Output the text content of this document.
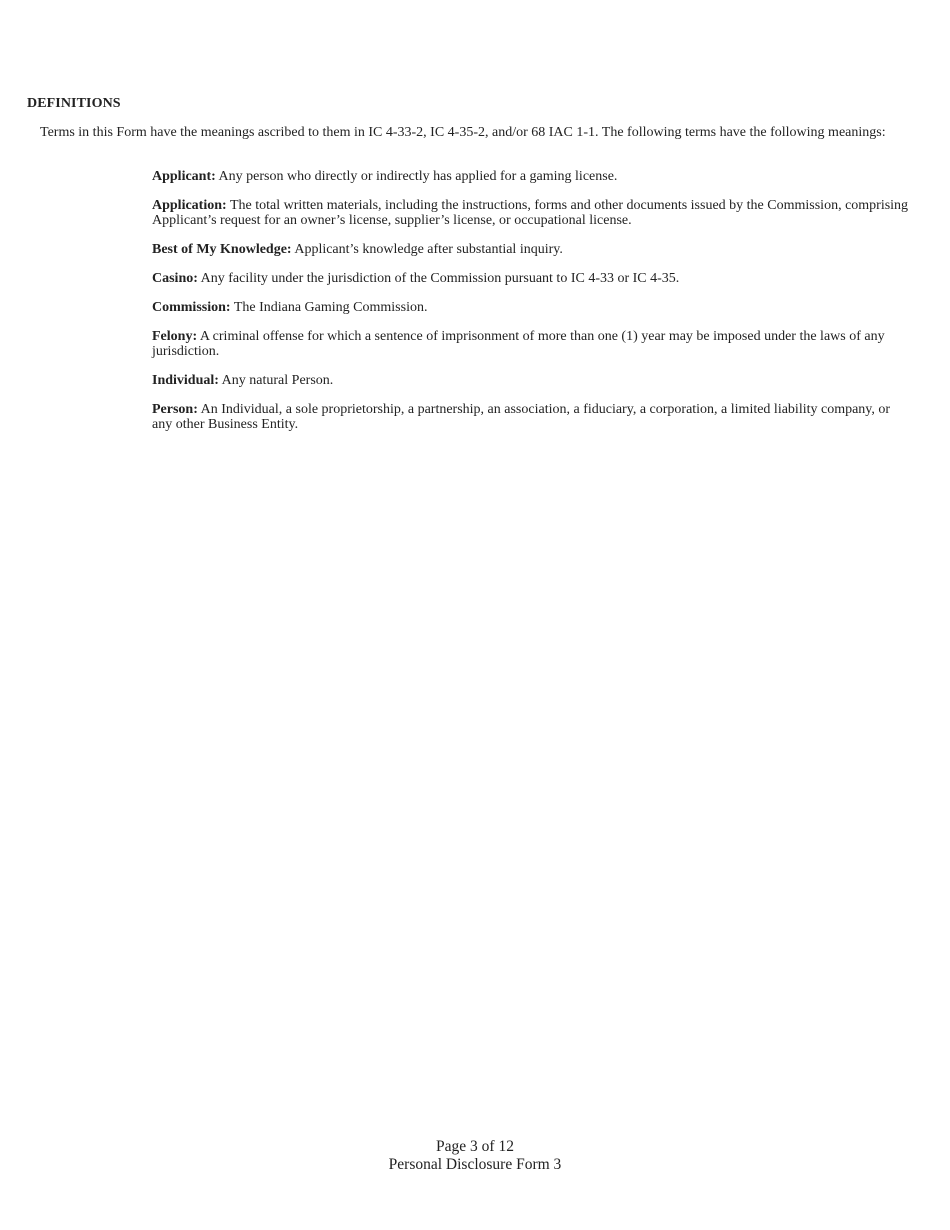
DEFINITIONS

Terms in this Form have the meanings ascribed to them in IC 4-33-2, IC 4-35-2, and/or 68 IAC 1-1. The following terms have the following meanings:

Applicant: Any person who directly or indirectly has applied for a gaming license.
Application: The total written materials, including the instructions, forms and other documents issued by the Commission, comprising Applicant’s request for an owner’s license, supplier’s license, or occupational license.
Best of My Knowledge: Applicant’s knowledge after substantial inquiry.
Casino: Any facility under the jurisdiction of the Commission pursuant to IC 4-33 or IC 4-35.
Commission: The Indiana Gaming Commission.
Felony: A criminal offense for which a sentence of imprisonment of more than one (1) year may be imposed under the laws of any jurisdiction.
Individual: Any natural Person.
Person: An Individual, a sole proprietorship, a partnership, an association, a fiduciary, a corporation, a limited liability company, or any other Business Entity.
Page 3 of 12
Personal Disclosure Form 3
